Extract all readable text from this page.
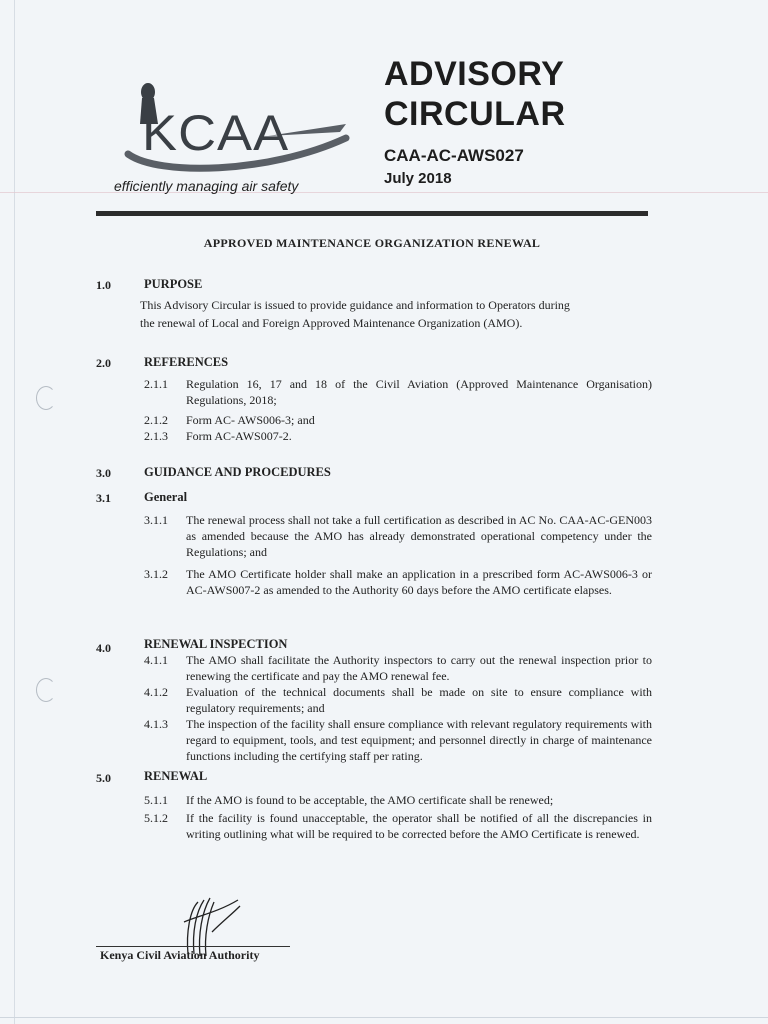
KCAA
efficiently managing air safety
ADVISORY
CIRCULAR
CAA-AC-AWS027
July 2018
APPROVED MAINTENANCE ORGANIZATION RENEWAL
1.0	PURPOSE
This Advisory Circular is issued to provide guidance and information to Operators during
the renewal of Local and Foreign Approved Maintenance Organization (AMO).
2.0	REFERENCES
2.1.1	Regulation 16, 17 and 18 of the Civil Aviation (Approved Maintenance Organisation) Regulations, 2018;
2.1.2	Form AC- AWS006-3; and
2.1.3	Form AC-AWS007-2.
3.0	GUIDANCE AND PROCEDURES
3.1	General
3.1.1	The renewal process shall not take a full certification as described in AC No. CAA-AC-GEN003 as amended because the AMO has already demonstrated operational competency under the Regulations; and
3.1.2	The AMO Certificate holder shall make an application in a prescribed form AC-AWS006-3 or AC-AWS007-2 as amended to the Authority 60 days before the AMO certificate elapses.
4.0	RENEWAL INSPECTION
4.1.1	The AMO shall facilitate the Authority inspectors to carry out the renewal inspection prior to renewing the certificate and pay the AMO renewal fee.
4.1.2	Evaluation of the technical documents shall be made on site to ensure compliance with regulatory requirements; and
4.1.3	The inspection of the facility shall ensure compliance with relevant regulatory requirements with regard to equipment, tools, and test equipment; and personnel directly in charge of maintenance functions including the certifying staff per rating.
5.0	RENEWAL
5.1.1	If the AMO is found to be acceptable, the AMO certificate shall be renewed;
5.1.2	If the facility is found unacceptable, the operator shall be notified of all the discrepancies in writing outlining what will be required to be corrected before the AMO Certificate is renewed.
Kenya Civil Aviation Authority
